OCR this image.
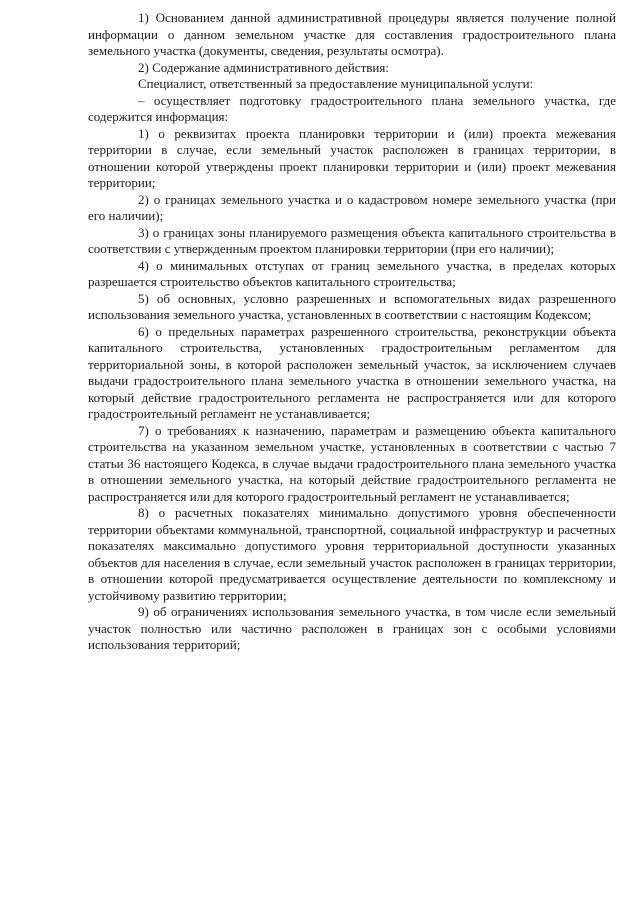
1) Основанием данной административной процедуры является получение полной информации о данном земельном участке для составления градостроительного плана земельного участка (документы, сведения, результаты осмотра).

2) Содержание административного действия:

Специалист, ответственный за предоставление муниципальной услуги:

– осуществляет подготовку градостроительного плана земельного участка, где содержится информация:

1) о реквизитах проекта планировки территории и (или) проекта межевания территории в случае, если земельный участок расположен в границах территории, в отношении которой утверждены проект планировки территории и (или) проект межевания территории;

2) о границах земельного участка и о кадастровом номере земельного участка (при его наличии);

3) о границах зоны планируемого размещения объекта капитального строительства в соответствии с утвержденным проектом планировки территории (при его наличии);

4) о минимальных отступах от границ земельного участка, в пределах которых разрешается строительство объектов капитального строительства;

5) об основных, условно разрешенных и вспомогательных видах разрешенного использования земельного участка, установленных в соответствии с настоящим Кодексом;

6) о предельных параметрах разрешенного строительства, реконструкции объекта капитального строительства, установленных градостроительным регламентом для территориальной зоны, в которой расположен земельный участок, за исключением случаев выдачи градостроительного плана земельного участка в отношении земельного участка, на который действие градостроительного регламента не распространяется или для которого градостроительный регламент не устанавливается;

7) о требованиях к назначению, параметрам и размещению объекта капитального строительства на указанном земельном участке, установленных в соответствии с частью 7 статьи 36 настоящего Кодекса, в случае выдачи градостроительного плана земельного участка в отношении земельного участка, на который действие градостроительного регламента не распространяется или для которого градостроительный регламент не устанавливается;

8) о расчетных показателях минимально допустимого уровня обеспеченности территории объектами коммунальной, транспортной, социальной инфраструктур и расчетных показателях максимально допустимого уровня территориальной доступности указанных объектов для населения в случае, если земельный участок расположен в границах территории, в отношении которой предусматривается осуществление деятельности по комплексному и устойчивому развитию территории;

9) об ограничениях использования земельного участка, в том числе если земельный участок полностью или частично расположен в границах зон с особыми условиями использования территорий;
